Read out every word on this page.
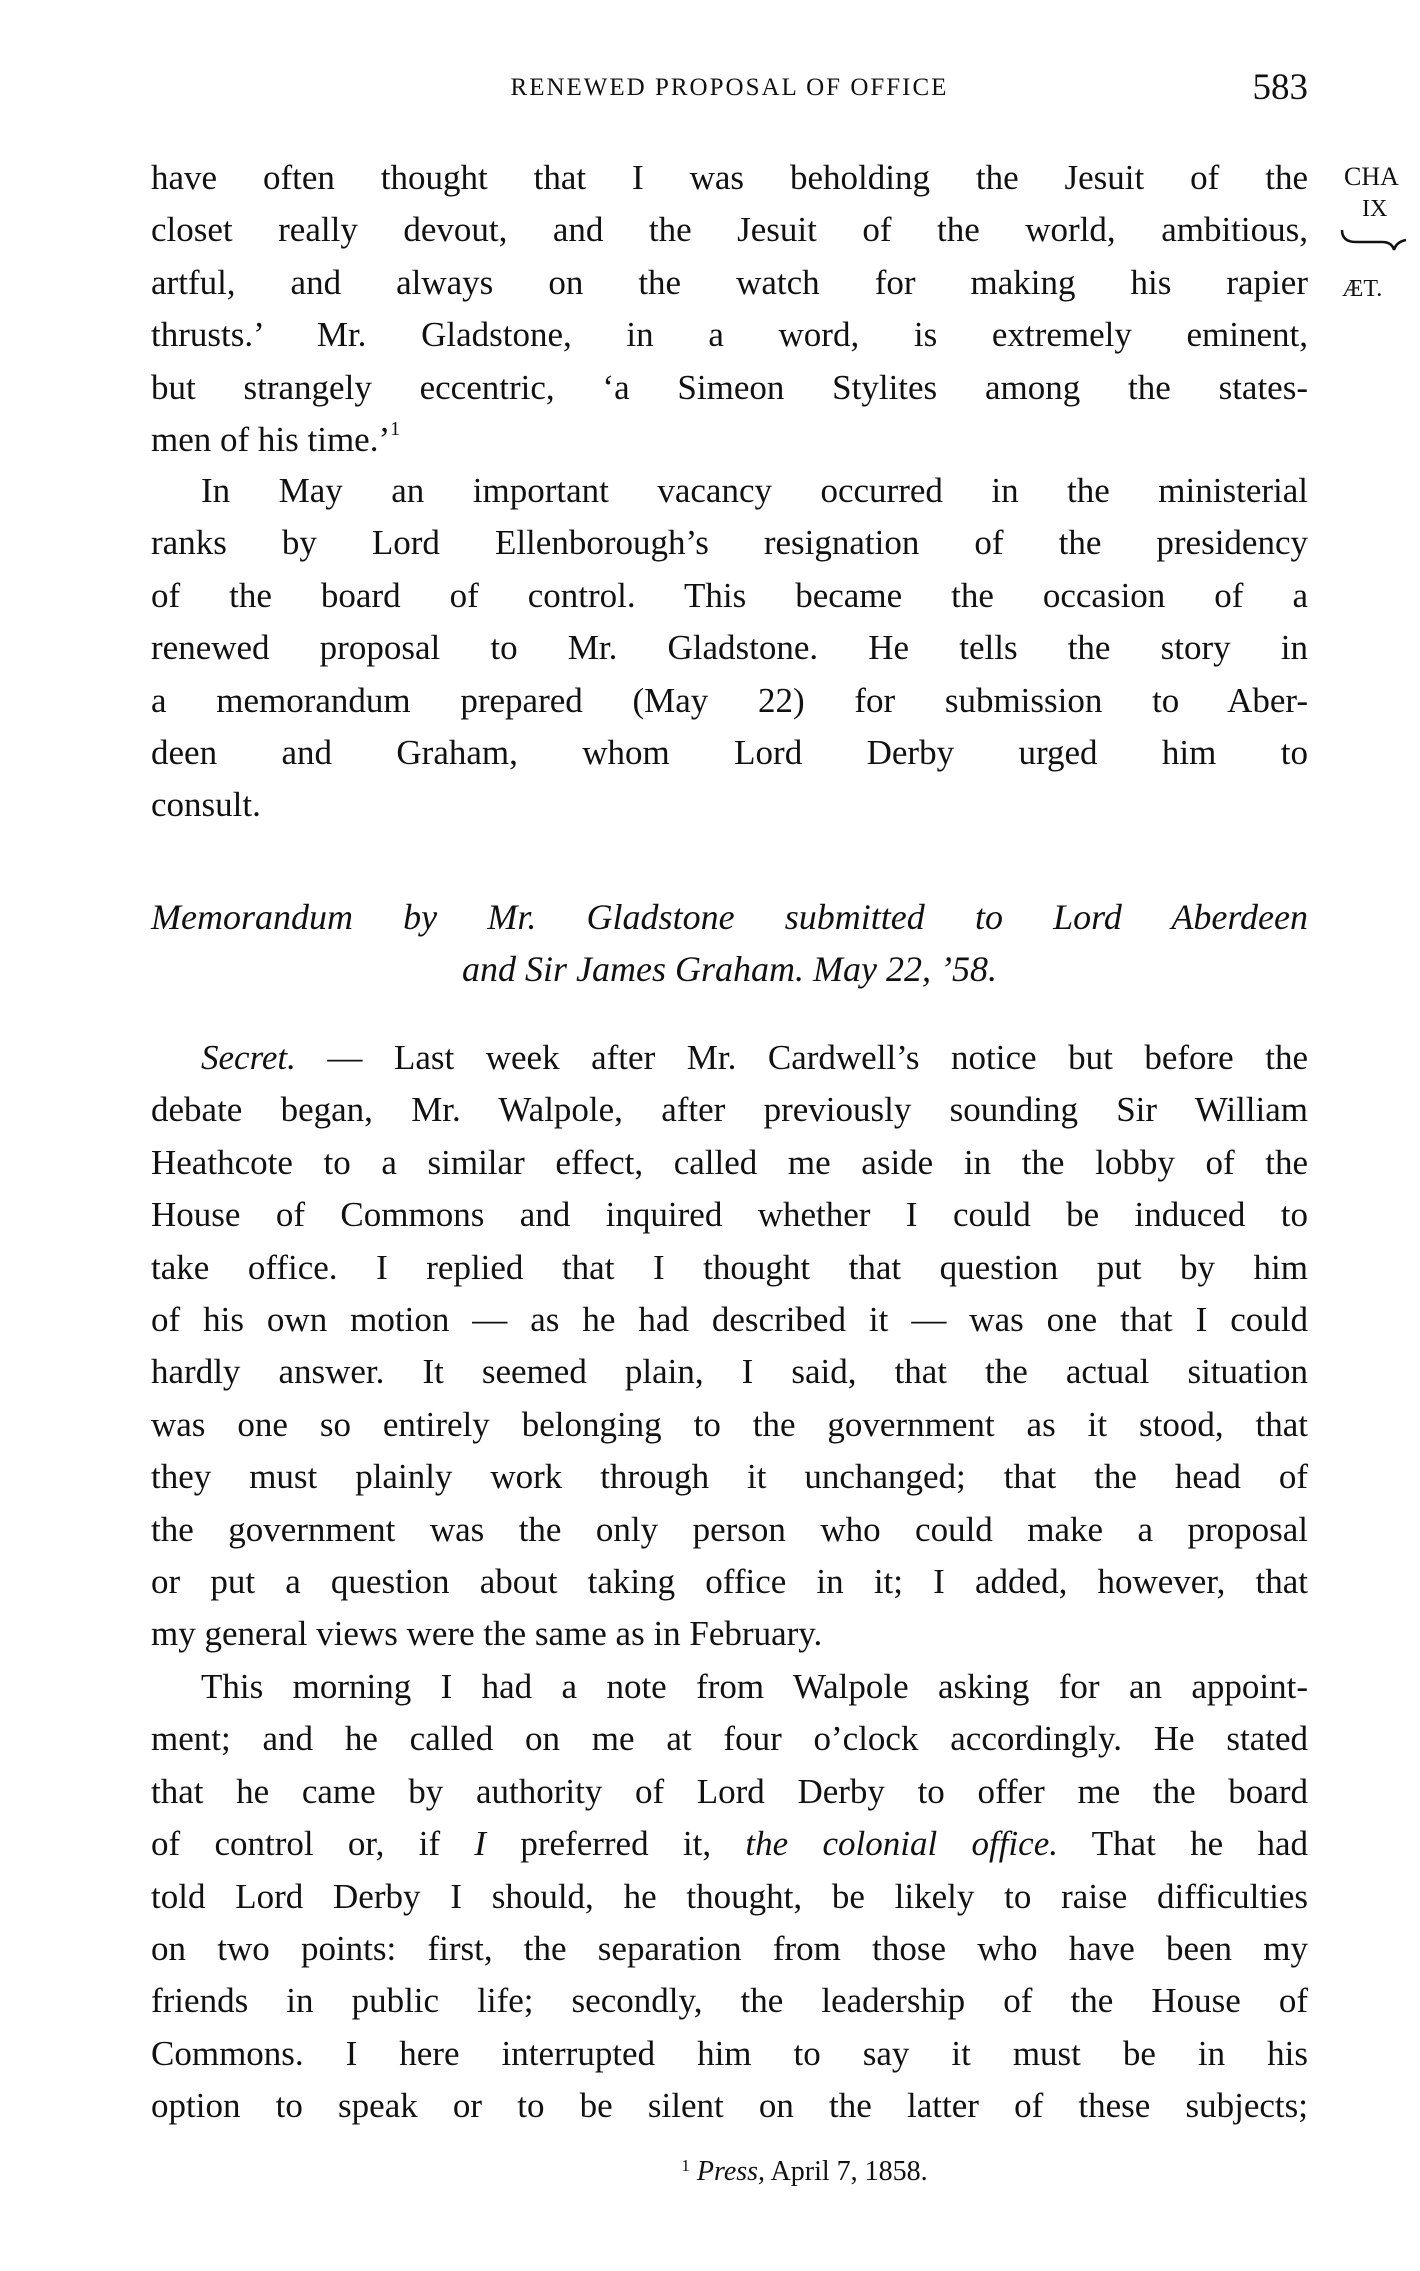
RENEWED PROPOSAL OF OFFICE	583
CHA
IX
ÆT.
have often thought that I was beholding the Jesuit of the
closet really devout, and the Jesuit of the world, ambitious,
artful, and always on the watch for making his rapier
thrusts.’ Mr. Gladstone, in a word, is extremely eminent,
but strangely eccentric, ‘a Simeon Stylites among the states-
men of his time.’$^1$
In May an important vacancy occurred in the ministerial
ranks by Lord Ellenborough’s resignation of the presidency
of the board of control. This became the occasion of a
renewed proposal to Mr. Gladstone. He tells the story in
a memorandum prepared (May 22) for submission to Aber-
deen and Graham, whom Lord Derby urged him to
consult.
Memorandum by Mr. Gladstone submitted to Lord Aberdeen
and Sir James Graham. May 22, ’58.
Secret. — Last week after Mr. Cardwell’s notice but before the
debate began, Mr. Walpole, after previously sounding Sir William
Heathcote to a similar effect, called me aside in the lobby of the
House of Commons and inquired whether I could be induced to
take office. I replied that I thought that question put by him
of his own motion — as he had described it — was one that I could
hardly answer. It seemed plain, I said, that the actual situation
was one so entirely belonging to the government as it stood, that
they must plainly work through it unchanged; that the head of
the government was the only person who could make a proposal
or put a question about taking office in it; I added, however, that
my general views were the same as in February.
This morning I had a note from Walpole asking for an appoint-
ment; and he called on me at four o’clock accordingly. He stated
that he came by authority of Lord Derby to offer me the board
of control or, if I preferred it, the colonial office. That he had
told Lord Derby I should, he thought, be likely to raise difficulties
on two points: first, the separation from those who have been my
friends in public life; secondly, the leadership of the House of
Commons. I here interrupted him to say it must be in his
option to speak or to be silent on the latter of these subjects;
$^1$ Press, April 7, 1858.
